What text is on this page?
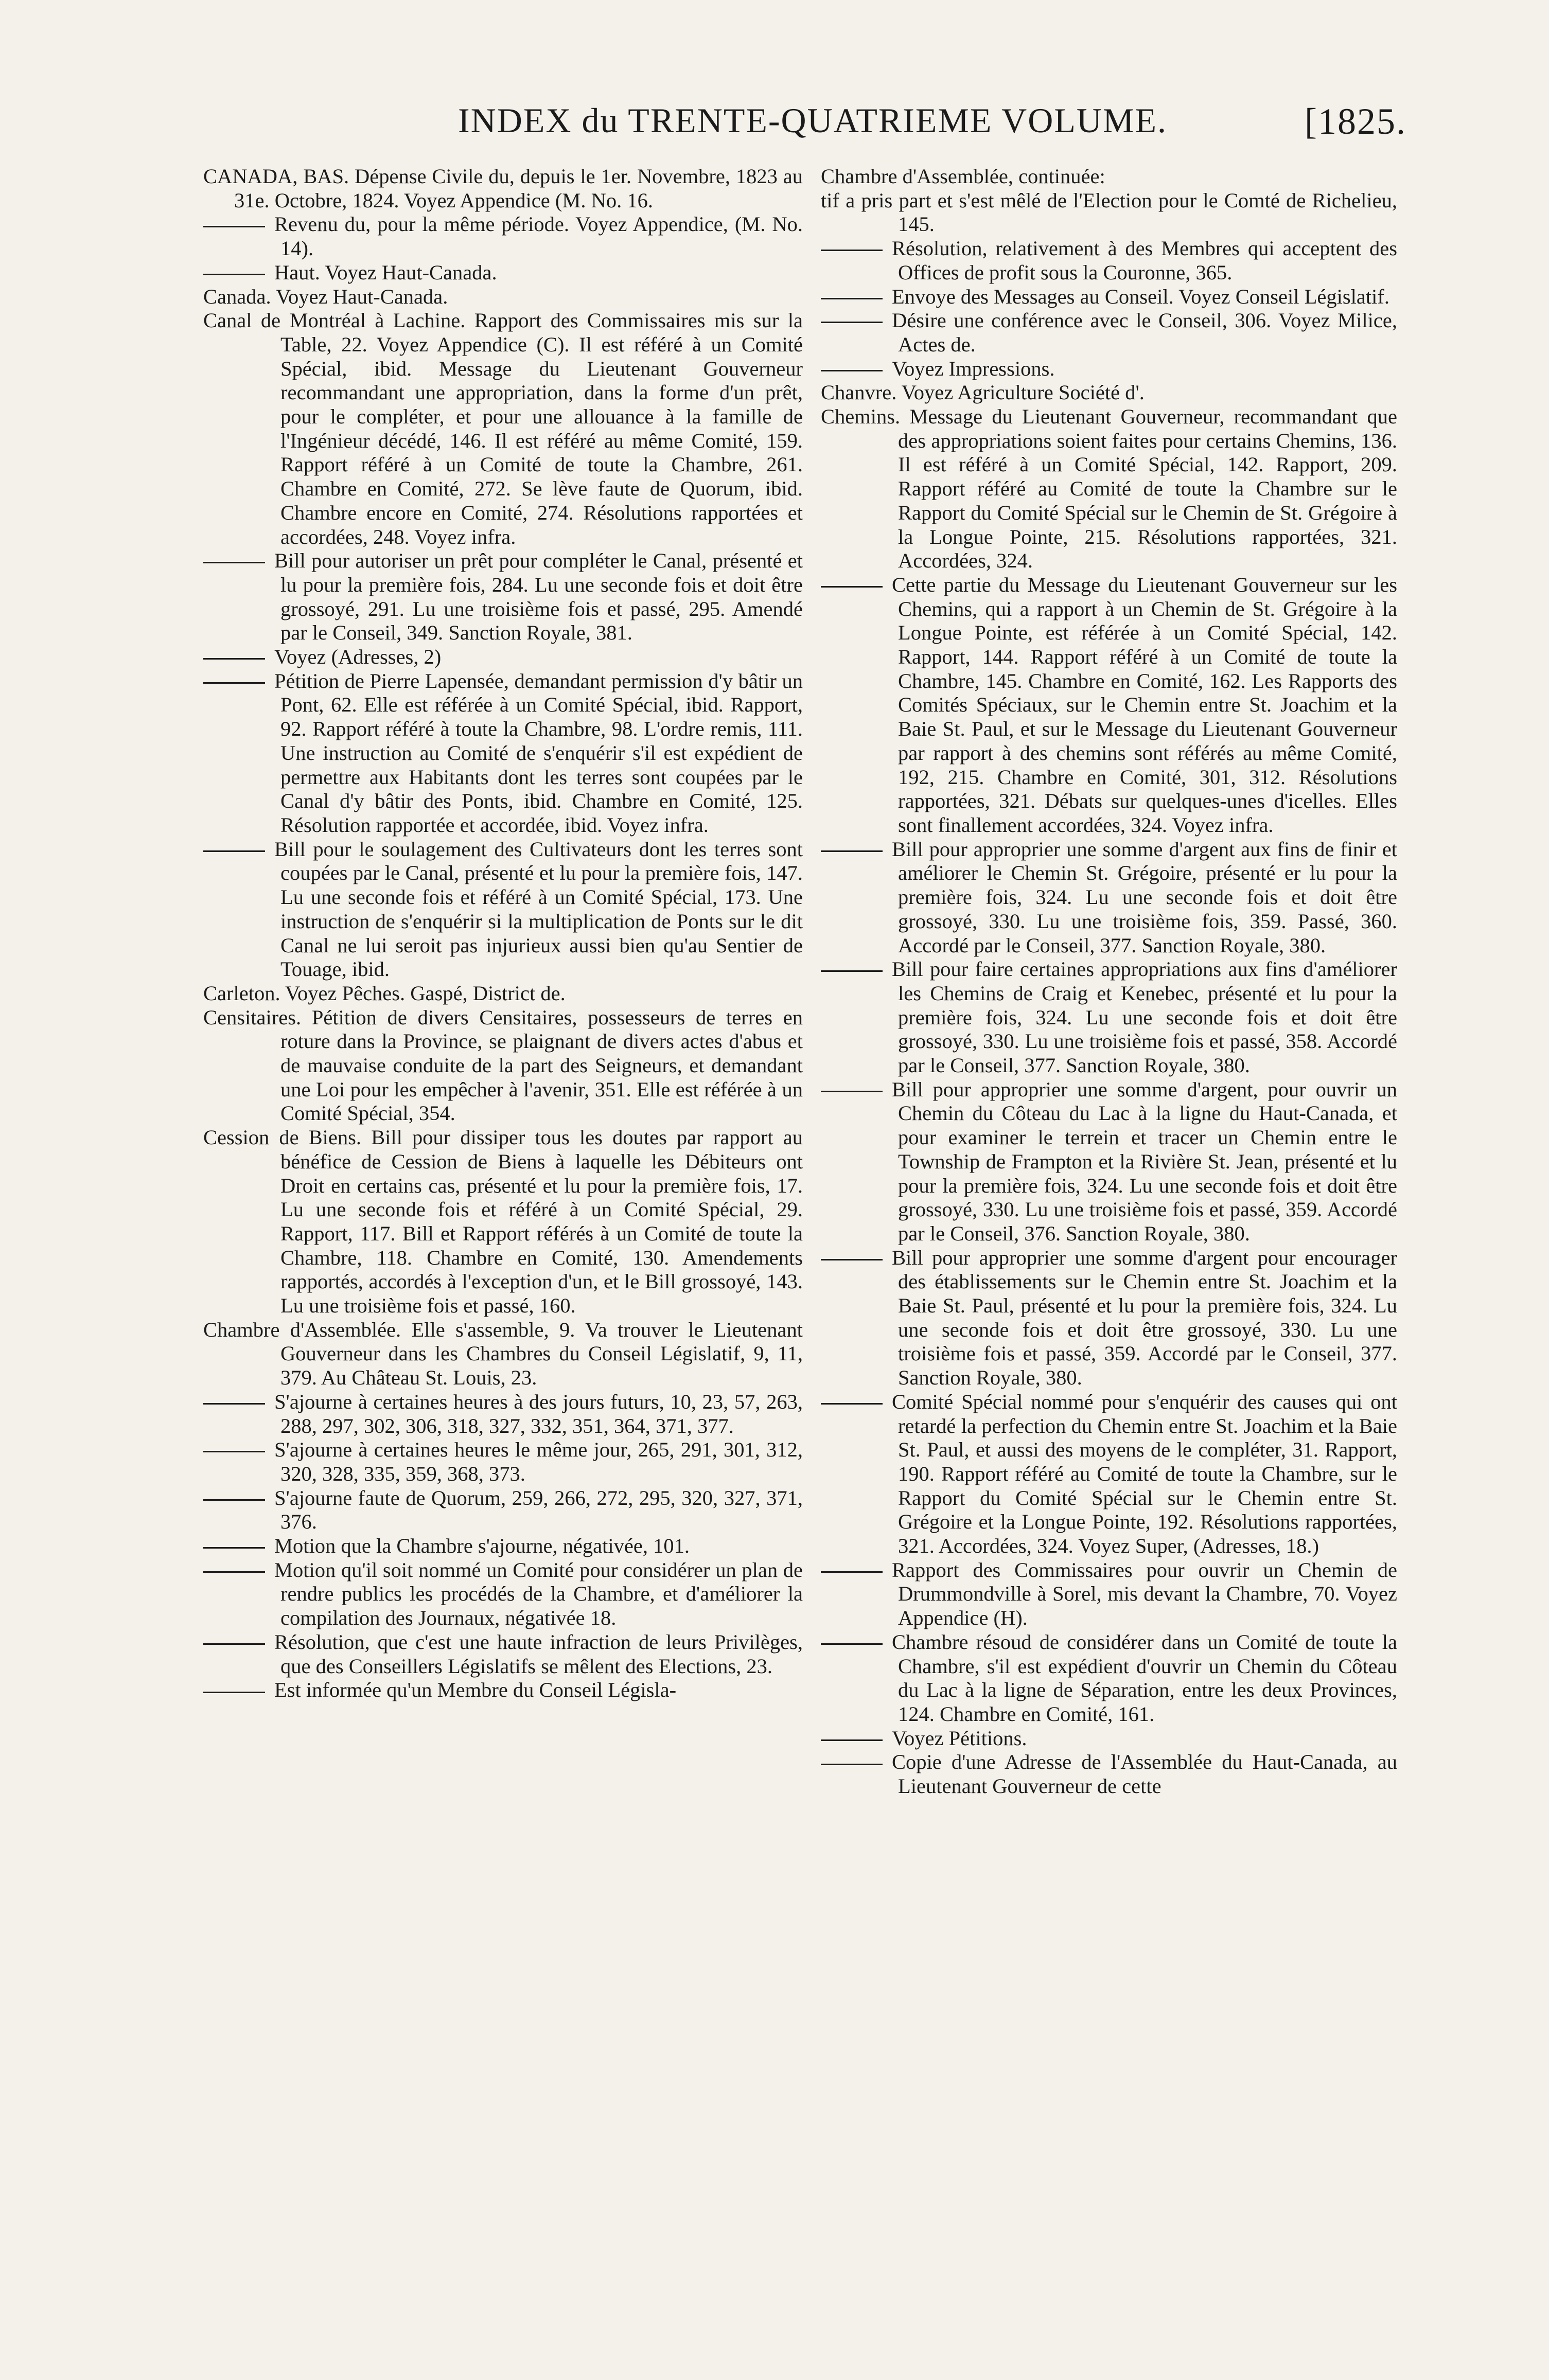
INDEX du TRENTE-QUATRIEME VOLUME.	[1825.

CANADA, BAS. Dépense Civile du, depuis le 1er. Novembre, 1823 au 31e. Octobre, 1824. Voyez Appendice (M. No. 16.

Revenu du, pour la même période. Voyez Appendice, (M. No. 14).

Haut. Voyez Haut-Canada.

Canada. Voyez Haut-Canada.

Canal de Montréal à Lachine. Rapport des Commissaires mis sur la Table, 22. Voyez Appendice (C). Il est référé à un Comité Spécial, ibid. Message du Lieutenant Gouverneur recommandant une appropriation, dans la forme d'un prêt, pour le compléter, et pour une allouance à la famille de l'Ingénieur décédé, 146. Il est référé au même Comité, 159. Rapport référé à un Comité de toute la Chambre, 261. Chambre en Comité, 272. Se lève faute de Quorum, ibid. Chambre encore en Comité, 274. Résolutions rapportées et accordées, 248. Voyez infra.

Bill pour autoriser un prêt pour compléter le Canal, présenté et lu pour la première fois, 284. Lu une seconde fois et doit être grossoyé, 291. Lu une troisième fois et passé, 295. Amendé par le Conseil, 349. Sanction Royale, 381.

Voyez (Adresses, 2)

Pétition de Pierre Lapensée, demandant permission d'y bâtir un Pont, 62. Elle est référée à un Comité Spécial, ibid. Rapport, 92. Rapport référé à toute la Chambre, 98. L'ordre remis, 111. Une instruction au Comité de s'enquérir s'il est expédient de permettre aux Habitants dont les terres sont coupées par le Canal d'y bâtir des Ponts, ibid. Chambre en Comité, 125. Résolution rapportée et accordée, ibid. Voyez infra.

Bill pour le soulagement des Cultivateurs dont les terres sont coupées par le Canal, présenté et lu pour la première fois, 147. Lu une seconde fois et référé à un Comité Spécial, 173. Une instruction de s'enquérir si la multiplication de Ponts sur le dit Canal ne lui seroit pas injurieux aussi bien qu'au Sentier de Touage, ibid.

Carleton. Voyez Pêches. Gaspé, District de.

Censitaires. Pétition de divers Censitaires, possesseurs de terres en roture dans la Province, se plaignant de divers actes d'abus et de mauvaise conduite de la part des Seigneurs, et demandant une Loi pour les empêcher à l'avenir, 351. Elle est référée à un Comité Spécial, 354.

Cession de Biens. Bill pour dissiper tous les doutes par rapport au bénéfice de Cession de Biens à laquelle les Débiteurs ont Droit en certains cas, présenté et lu pour la première fois, 17. Lu une seconde fois et référé à un Comité Spécial, 29. Rapport, 117. Bill et Rapport référés à un Comité de toute la Chambre, 118. Chambre en Comité, 130. Amendements rapportés, accordés à l'exception d'un, et le Bill grossoyé, 143. Lu une troisième fois et passé, 160.

Chambre d'Assemblée. Elle s'assemble, 9. Va trouver le Lieutenant Gouverneur dans les Chambres du Conseil Législatif, 9, 11, 379. Au Château St. Louis, 23.

S'ajourne à certaines heures à des jours futurs, 10, 23, 57, 263, 288, 297, 302, 306, 318, 327, 332, 351, 364, 371, 377.

S'ajourne à certaines heures le même jour, 265, 291, 301, 312, 320, 328, 335, 359, 368, 373.

S'ajourne faute de Quorum, 259, 266, 272, 295, 320, 327, 371, 376.

Motion que la Chambre s'ajourne, négativée, 101.

Motion qu'il soit nommé un Comité pour considérer un plan de rendre publics les procédés de la Chambre, et d'améliorer la compilation des Journaux, négativée 18.

Résolution, que c'est une haute infraction de leurs Privilèges, que des Conseillers Législatifs se mêlent des Elections, 23.

Est informée qu'un Membre du Conseil Législa-

Chambre d'Assemblée, continuée:

tif a pris part et s'est mêlé de l'Election pour le Comté de Richelieu, 145.

Résolution, relativement à des Membres qui acceptent des Offices de profit sous la Couronne, 365.

Envoye des Messages au Conseil. Voyez Conseil Législatif.

Désire une conférence avec le Conseil, 306. Voyez Milice, Actes de.

Voyez Impressions.

Chanvre. Voyez Agriculture Société d'.

Chemins. Message du Lieutenant Gouverneur, recommandant que des appropriations soient faites pour certains Chemins, 136. Il est référé à un Comité Spécial, 142. Rapport, 209. Rapport référé au Comité de toute la Chambre sur le Rapport du Comité Spécial sur le Chemin de St. Grégoire à la Longue Pointe, 215. Résolutions rapportées, 321. Accordées, 324.

Cette partie du Message du Lieutenant Gouverneur sur les Chemins, qui a rapport à un Chemin de St. Grégoire à la Longue Pointe, est référée à un Comité Spécial, 142. Rapport, 144. Rapport référé à un Comité de toute la Chambre, 145. Chambre en Comité, 162. Les Rapports des Comités Spéciaux, sur le Chemin entre St. Joachim et la Baie St. Paul, et sur le Message du Lieutenant Gouverneur par rapport à des chemins sont référés au même Comité, 192, 215. Chambre en Comité, 301, 312. Résolutions rapportées, 321. Débats sur quelques-unes d'icelles. Elles sont finallement accordées, 324. Voyez infra.

Bill pour approprier une somme d'argent aux fins de finir et améliorer le Chemin St. Grégoire, présenté er lu pour la première fois, 324. Lu une seconde fois et doit être grossoyé, 330. Lu une troisième fois, 359. Passé, 360. Accordé par le Conseil, 377. Sanction Royale, 380.

Bill pour faire certaines appropriations aux fins d'améliorer les Chemins de Craig et Kenebec, présenté et lu pour la première fois, 324. Lu une seconde fois et doit être grossoyé, 330. Lu une troisième fois et passé, 358. Accordé par le Conseil, 377. Sanction Royale, 380.

Bill pour approprier une somme d'argent, pour ouvrir un Chemin du Côteau du Lac à la ligne du Haut-Canada, et pour examiner le terrein et tracer un Chemin entre le Township de Frampton et la Rivière St. Jean, présenté et lu pour la première fois, 324. Lu une seconde fois et doit être grossoyé, 330. Lu une troisième fois et passé, 359. Accordé par le Conseil, 376. Sanction Royale, 380.

Bill pour approprier une somme d'argent pour encourager des établissements sur le Chemin entre St. Joachim et la Baie St. Paul, présenté et lu pour la première fois, 324. Lu une seconde fois et doit être grossoyé, 330. Lu une troisième fois et passé, 359. Accordé par le Conseil, 377. Sanction Royale, 380.

Comité Spécial nommé pour s'enquérir des causes qui ont retardé la perfection du Chemin entre St. Joachim et la Baie St. Paul, et aussi des moyens de le compléter, 31. Rapport, 190. Rapport référé au Comité de toute la Chambre, sur le Rapport du Comité Spécial sur le Chemin entre St. Grégoire et la Longue Pointe, 192. Résolutions rapportées, 321. Accordées, 324. Voyez Super, (Adresses, 18.)

Rapport des Commissaires pour ouvrir un Chemin de Drummondville à Sorel, mis devant la Chambre, 70. Voyez Appendice (H).

Chambre résoud de considérer dans un Comité de toute la Chambre, s'il est expédient d'ouvrir un Chemin du Côteau du Lac à la ligne de Séparation, entre les deux Provinces, 124. Chambre en Comité, 161.

Voyez Pétitions.

Copie d'une Adresse de l'Assemblée du Haut-Canada, au Lieutenant Gouverneur de cette
